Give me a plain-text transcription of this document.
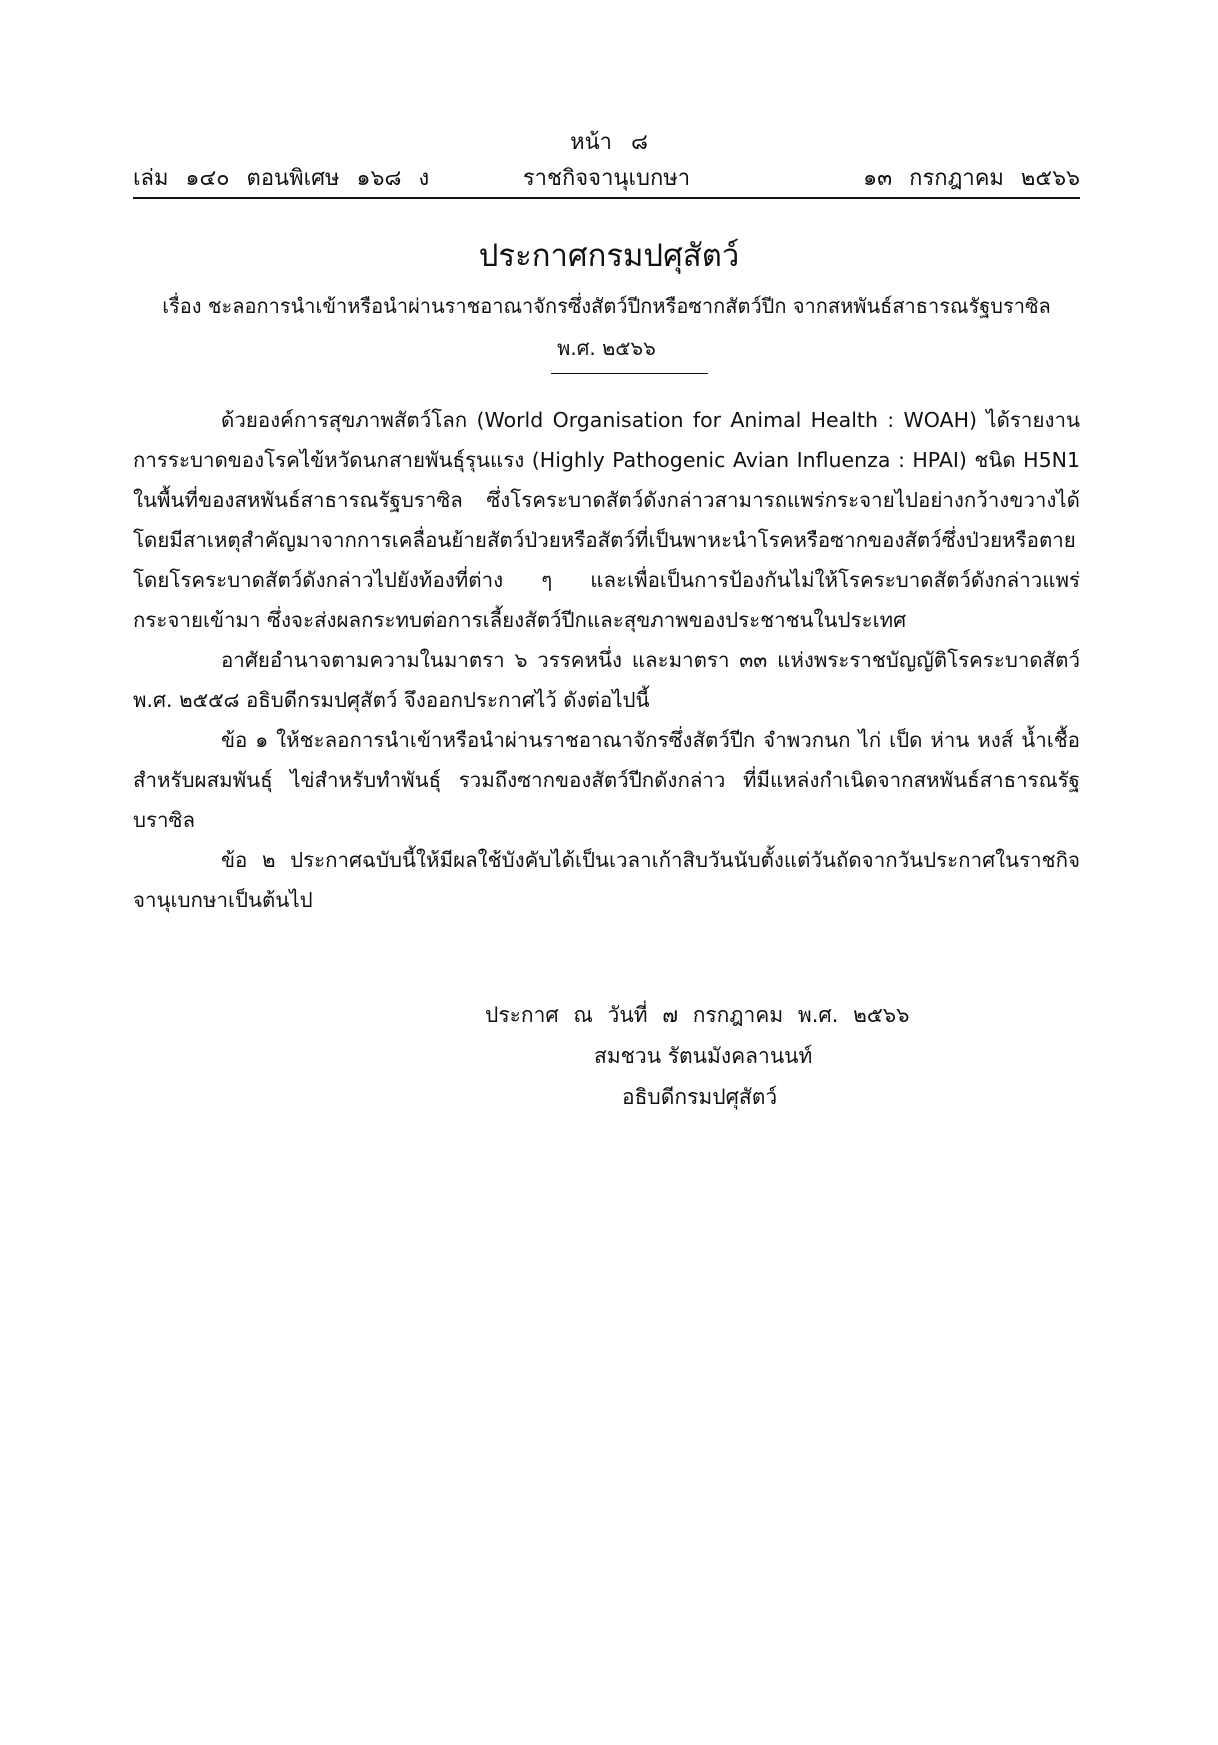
หน้า ๘
ราชกิจจานุเบกษา
เล่ม ๑๔๐ ตอนพิเศษ ๑๖๘ ง	๑๓ กรกฎาคม ๒๕๖๖
ประกาศกรมปศุสัตว์
เรื่อง ชะลอการนำเข้าหรือนำผ่านราชอาณาจักรซึ่งสัตว์ปีกหรือซากสัตว์ปีก จากสหพันธ์สาธารณรัฐบราซิล
พ.ศ. ๒๕๖๖

ด้วยองค์การสุขภาพสัตว์โลก (World Organisation for Animal Health : WOAH) ได้รายงานการระบาดของโรคไข้หวัดนกสายพันธุ์รุนแรง (Highly Pathogenic Avian Influenza : HPAI) ชนิด H5N1 ในพื้นที่ของสหพันธ์สาธารณรัฐบราซิล ซึ่งโรคระบาดสัตว์ดังกล่าวสามารถแพร่กระจายไปอย่างกว้างขวางได้ โดยมีสาเหตุสำคัญมาจากการเคลื่อนย้ายสัตว์ป่วยหรือสัตว์ที่เป็นพาหะนำโรคหรือซากของสัตว์ซึ่งป่วยหรือตายโดยโรคระบาดสัตว์ดังกล่าวไปยังท้องที่ต่าง ๆ และเพื่อเป็นการป้องกันไม่ให้โรคระบาดสัตว์ดังกล่าวแพร่กระจายเข้ามา ซึ่งจะส่งผลกระทบต่อการเลี้ยงสัตว์ปีกและสุขภาพของประชาชนในประเทศ

อาศัยอำนาจตามความในมาตรา ๖ วรรคหนึ่ง และมาตรา ๓๓ แห่งพระราชบัญญัติโรคระบาดสัตว์ พ.ศ. ๒๕๕๘ อธิบดีกรมปศุสัตว์ จึงออกประกาศไว้ ดังต่อไปนี้

ข้อ ๑ ให้ชะลอการนำเข้าหรือนำผ่านราชอาณาจักรซึ่งสัตว์ปีก จำพวกนก ไก่ เป็ด ห่าน หงส์ น้ำเชื้อสำหรับผสมพันธุ์ ไข่สำหรับทำพันธุ์ รวมถึงซากของสัตว์ปีกดังกล่าว ที่มีแหล่งกำเนิดจากสหพันธ์สาธารณรัฐบราซิล

ข้อ ๒ ประกาศฉบับนี้ให้มีผลใช้บังคับได้เป็นเวลาเก้าสิบวันนับตั้งแต่วันถัดจากวันประกาศในราชกิจจานุเบกษาเป็นต้นไป

ประกาศ ณ วันที่ ๗ กรกฎาคม พ.ศ. ๒๕๖๖
สมชวน รัตนมังคลานนท์
อธิบดีกรมปศุสัตว์
